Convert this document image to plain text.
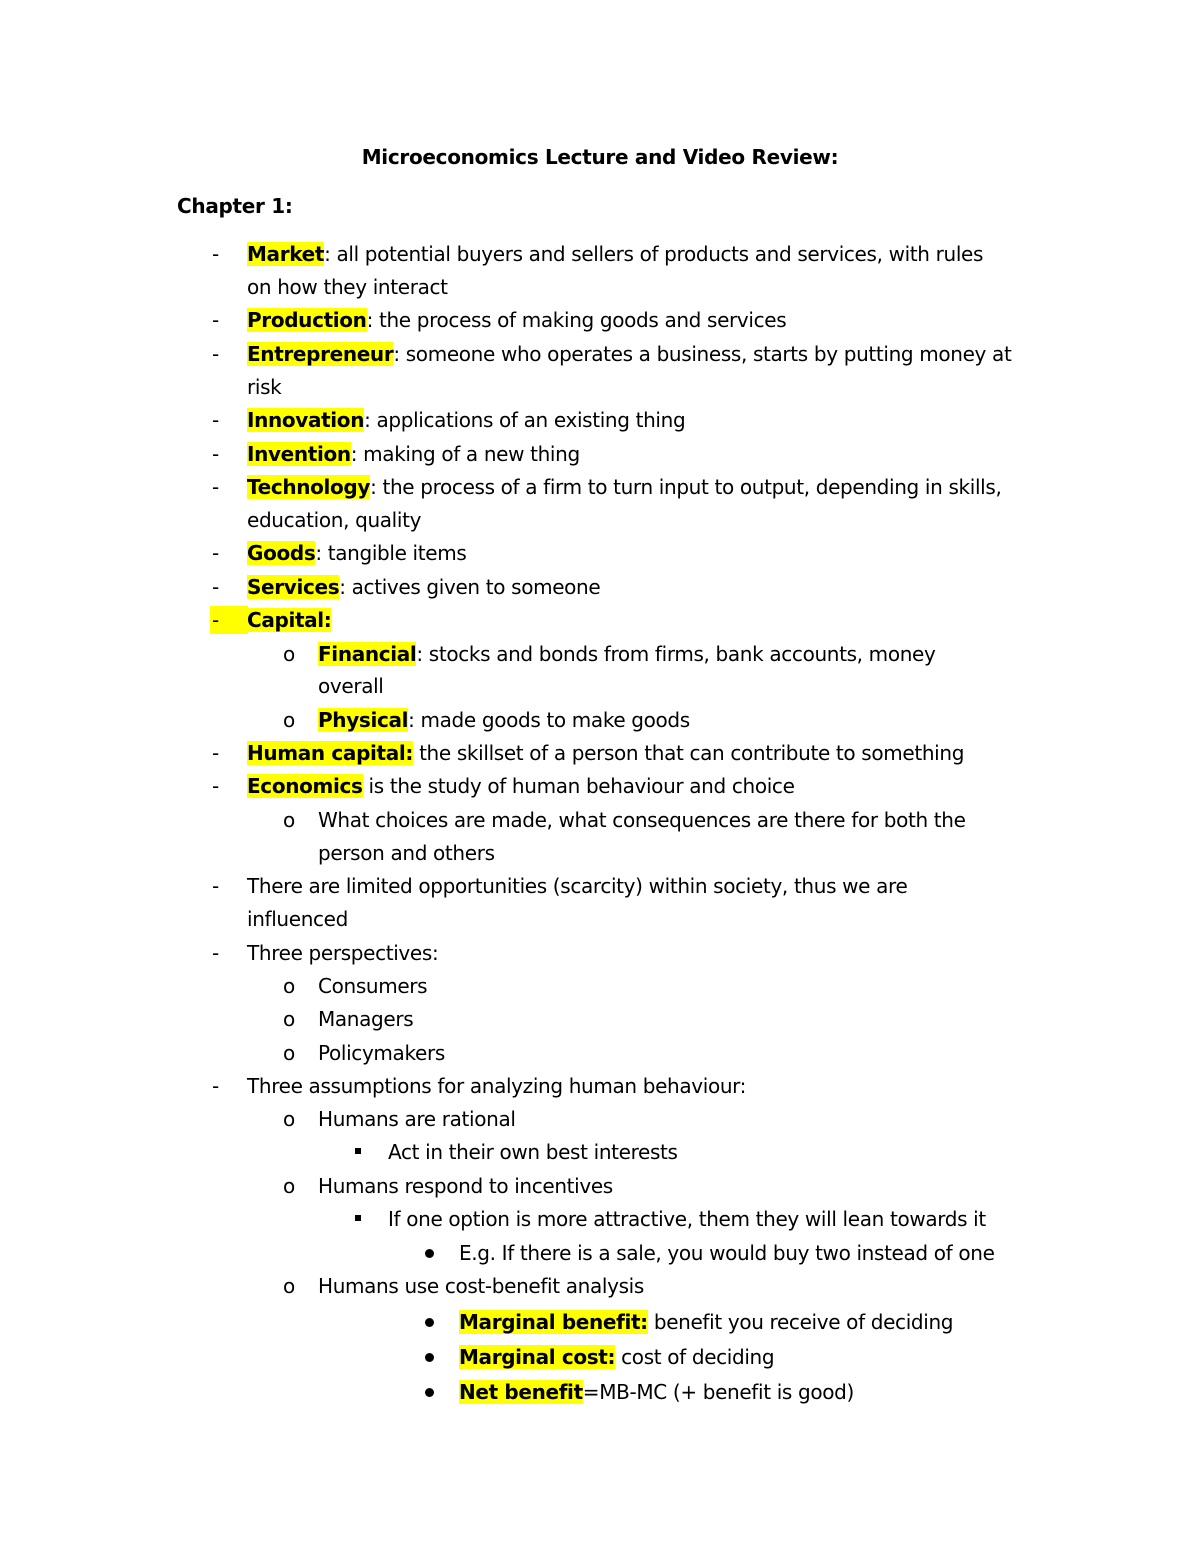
Microeconomics Lecture and Video Review:
Chapter 1:
- Market: all potential buyers and sellers of products and services, with rules
on how they interact
- Production: the process of making goods and services
- Entrepreneur: someone who operates a business, starts by putting money at
risk
- Innovation: applications of an existing thing
- Invention: making of a new thing
- Technology: the process of a firm to turn input to output, depending in skills,
education, quality
- Goods: tangible items
- Services: actives given to someone
- Capital:
o Financial: stocks and bonds from firms, bank accounts, money
overall
o Physical: made goods to make goods
- Human capital: the skillset of a person that can contribute to something
- Economics is the study of human behaviour and choice
o What choices are made, what consequences are there for both the
person and others
- There are limited opportunities (scarcity) within society, thus we are
influenced
- Three perspectives:
o Consumers
o Managers
o Policymakers
- Three assumptions for analyzing human behaviour:
o Humans are rational
Act in their own best interests
o Humans respond to incentives
If one option is more attractive, them they will lean towards it
E.g. If there is a sale, you would buy two instead of one
o Humans use cost-benefit analysis
Marginal benefit: benefit you receive of deciding
Marginal cost: cost of deciding
Net benefit=MB-MC (+ benefit is good)
